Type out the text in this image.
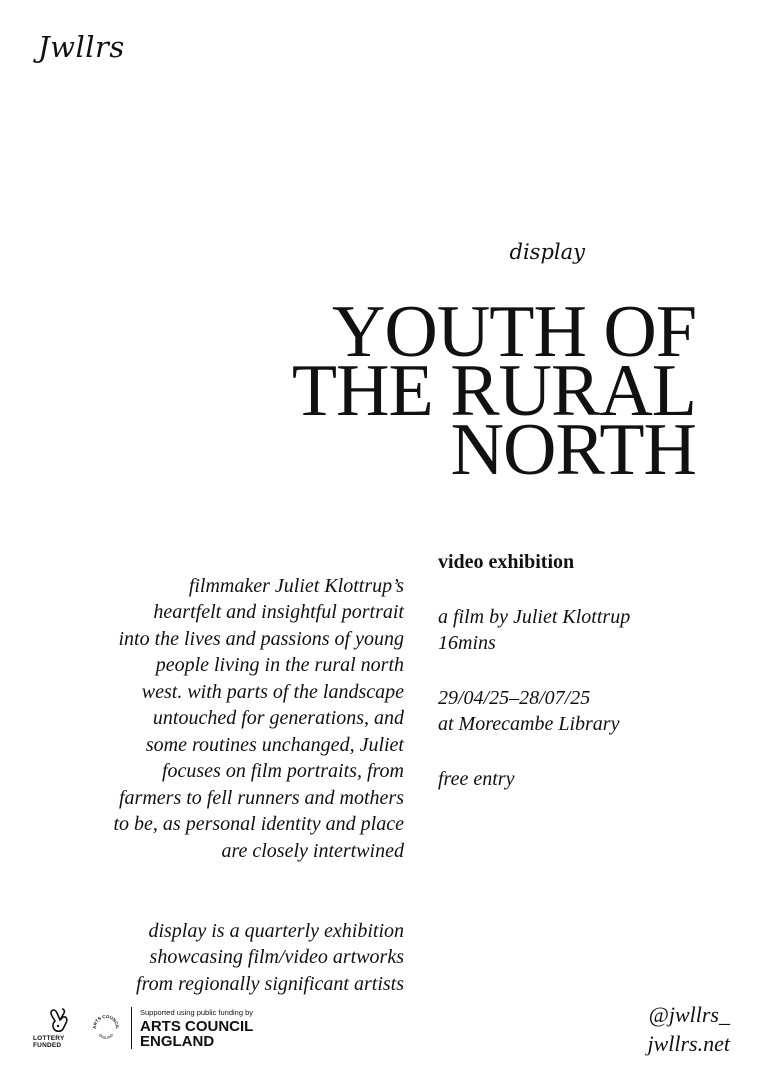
Jwllrs
display
YOUTH OF
THE RURAL
NORTH

filmmaker Juliet Klottrup’s
heartfelt and insightful portrait
into the lives and passions of young
people living in the rural north
west. with parts of the landscape
untouched for generations, and
some routines unchanged, Juliet
focuses on film portraits, from
farmers to fell runners and mothers
to be, as personal identity and place
are closely intertwined

display is a quarterly exhibition
showcasing film/video artworks
from regionally significant artists

video exhibition

a film by Juliet Klottrup
16mins

29/04/25–28/07/25
at Morecambe Library

free entry

LOTTERY FUNDED
ARTS COUNCIL
ENGLAND
Supported using public funding by
ARTS COUNCIL
ENGLAND
@jwllrs_
jwllrs.net
